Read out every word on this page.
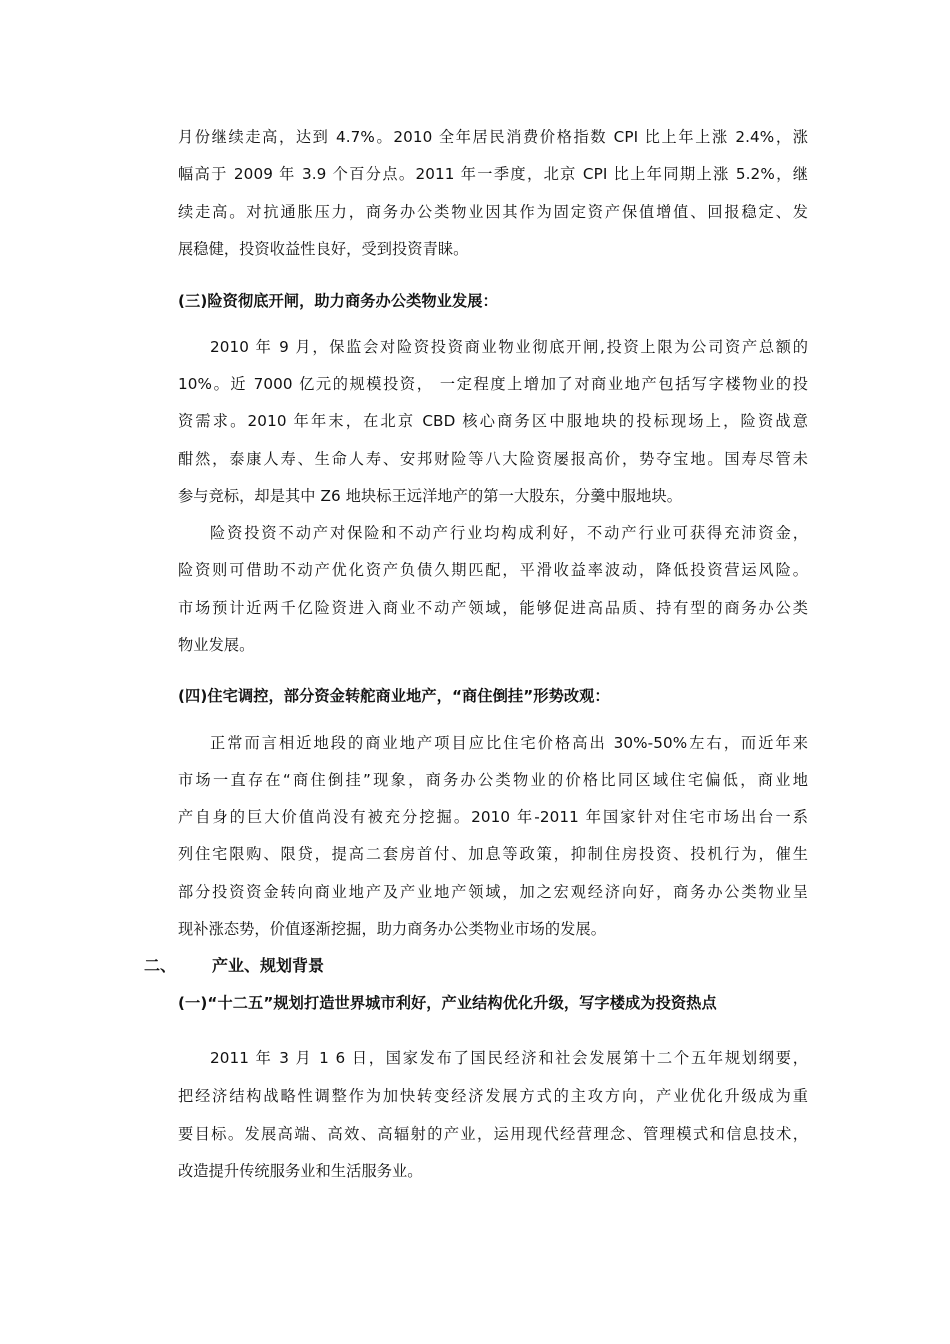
月份继续走高，达到 4.7%。2010 全年居民消费价格指数 CPI 比上年上涨 2.4%，涨
幅高于 2009 年 3.9 个百分点。2011 年一季度，北京 CPI 比上年同期上涨 5.2%，继
续走高。对抗通胀压力，商务办公类物业因其作为固定资产保值增值、回报稳定、发
展稳健，投资收益性良好，受到投资青睐。
(三)险资彻底开闸，助力商务办公类物业发展：
2010 年 9 月，保监会对险资投资商业物业彻底开闸,投资上限为公司资产总额的
10%。近 7000 亿元的规模投资， 一定程度上增加了对商业地产包括写字楼物业的投
资需求。2010 年年末，在北京 CBD 核心商务区中服地块的投标现场上，险资战意
酣然，泰康人寿、生命人寿、安邦财险等八大险资屡报高价，势夺宝地。国寿尽管未
参与竞标，却是其中 Z6 地块标王远洋地产的第一大股东，分羹中服地块。
险资投资不动产对保险和不动产行业均构成利好，不动产行业可获得充沛资金，
险资则可借助不动产优化资产负债久期匹配，平滑收益率波动，降低投资营运风险。
市场预计近两千亿险资进入商业不动产领域，能够促进高品质、持有型的商务办公类
物业发展。
(四)住宅调控，部分资金转舵商业地产，“商住倒挂”形势改观：
正常而言相近地段的商业地产项目应比住宅价格高出 30%-50%左右，而近年来
市场一直存在“商住倒挂”现象，商务办公类物业的价格比同区域住宅偏低，商业地
产自身的巨大价值尚没有被充分挖掘。2010 年-2011 年国家针对住宅市场出台一系
列住宅限购、限贷，提高二套房首付、加息等政策，抑制住房投资、投机行为，催生
部分投资资金转向商业地产及产业地产领域，加之宏观经济向好，商务办公类物业呈
现补涨态势，价值逐渐挖掘，助力商务办公类物业市场的发展。
二、 产业、规划背景
(一)“十二五”规划打造世界城市利好，产业结构优化升级，写字楼成为投资热点
2011 年 3 月 1 6 日，国家发布了国民经济和社会发展第十二个五年规划纲要，
把经济结构战略性调整作为加快转变经济发展方式的主攻方向，产业优化升级成为重
要目标。发展高端、高效、高辐射的产业，运用现代经营理念、管理模式和信息技术，
改造提升传统服务业和生活服务业。
